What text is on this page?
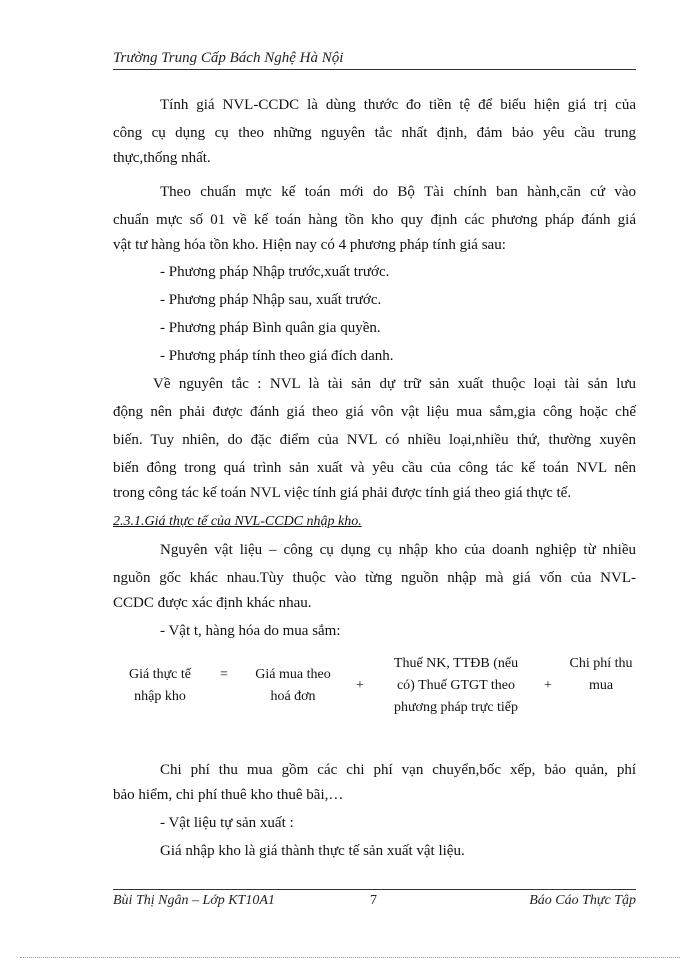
Trường Trung Cấp Bách Nghệ Hà Nội
Tính giá NVL-CCDC là dùng thước đo tiền tệ để biểu hiện giá trị của
công cụ dụng cụ theo những nguyên tắc nhất định, đảm bảo yêu cầu trung
thực,thống nhất.
Theo chuẩn mực kế toán mới do Bộ Tài chính ban hành,căn cứ vào
chuẩn mực số 01 về kế toán hàng tồn kho quy định các phương pháp đánh giá
vật tư hàng hóa tồn kho. Hiện nay có 4 phương pháp tính giá sau:
- Phương pháp Nhập trước,xuất trước.
- Phương pháp Nhập sau, xuất trước.
- Phương pháp Bình quân gia quyền.
- Phương pháp tính theo giá đích danh.
Về nguyên tắc : NVL là tài sản dự trữ sản xuất thuộc loại tài sản lưu
động nên phải được đánh giá theo giá vôn vật liệu mua sắm,gia công hoặc chế
biến. Tuy nhiên, do đặc điểm của NVL có nhiều loại,nhiều thứ, thường xuyên
biến đông trong quá trình sản xuất và yêu cầu của công tác kế toán NVL nên
trong công tác kế toán NVL việc tính giá phải được tính giá theo giá thực tế.
2.3.1.Giá thực tế của NVL-CCDC nhập kho.
Nguyên vật liệu – công cụ dụng cụ nhập kho của doanh nghiệp từ nhiều
nguồn gốc khác nhau.Tùy thuộc vào từng nguồn nhập mà giá vốn của NVL-
CCDC được xác định khác nhau.
- Vật t, hàng hóa do mua sắm:
Giá thực tế
nhập kho
=	Giá mua theo
hoá đơn
+
Thuế NK, TTĐB (nếu
có) Thuế GTGT theo
phương pháp trực tiếp
+
Chi phí thu
mua
Chi phí thu mua gồm các chi phí vạn chuyển,bốc xếp, bảo quản, phí
bảo hiểm, chi phí thuê kho thuê bãi,…
- Vật liệu tự sản xuất :
Giá nhập kho là giá thành thực tế sản xuất vật liệu.
Bùi Thị Ngân – Lớp KT10A1	7	Báo Cáo Thực Tập
